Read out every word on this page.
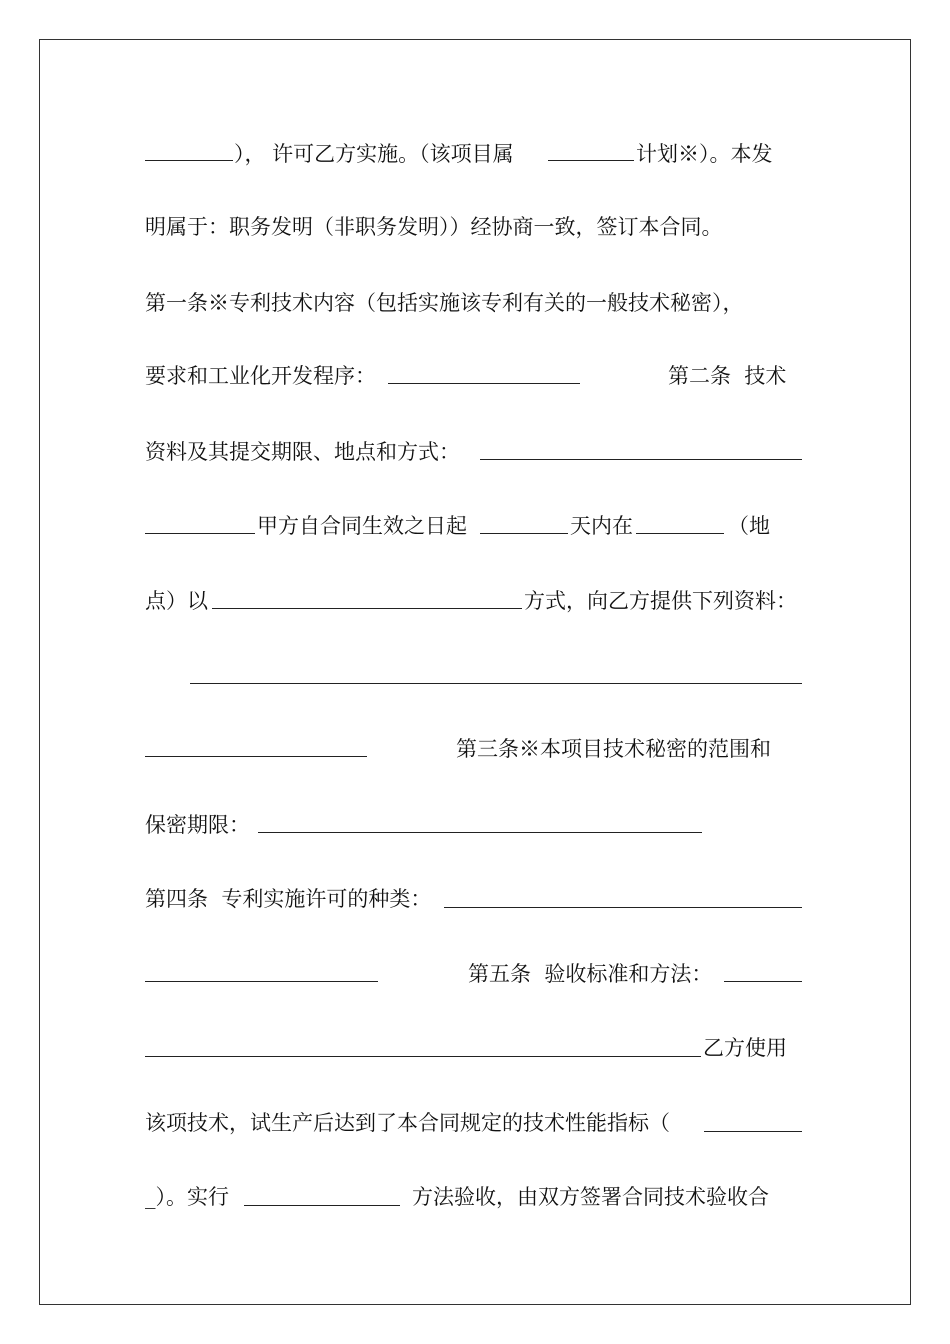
）， 许可乙方实施。（该项目属	计划※）。本发
明属于：职务发明（非职务发明））经协商一致，签订本合同。
第一条※专利技术内容（包括实施该专利有关的一般技术秘密），
要求和工业化开发程序：	第二条  技术
资料及其提交期限、地点和方式：
甲方自合同生效之日起	天内在	（地
点）以	方式，向乙方提供下列资料：
第三条※本项目技术秘密的范围和
保密期限：
第四条  专利实施许可的种类：
第五条  验收标准和方法：
乙方使用
该项技术，试生产后达到了本合同规定的技术性能指标（
_）。实行	方法验收，由双方签署合同技术验收合
